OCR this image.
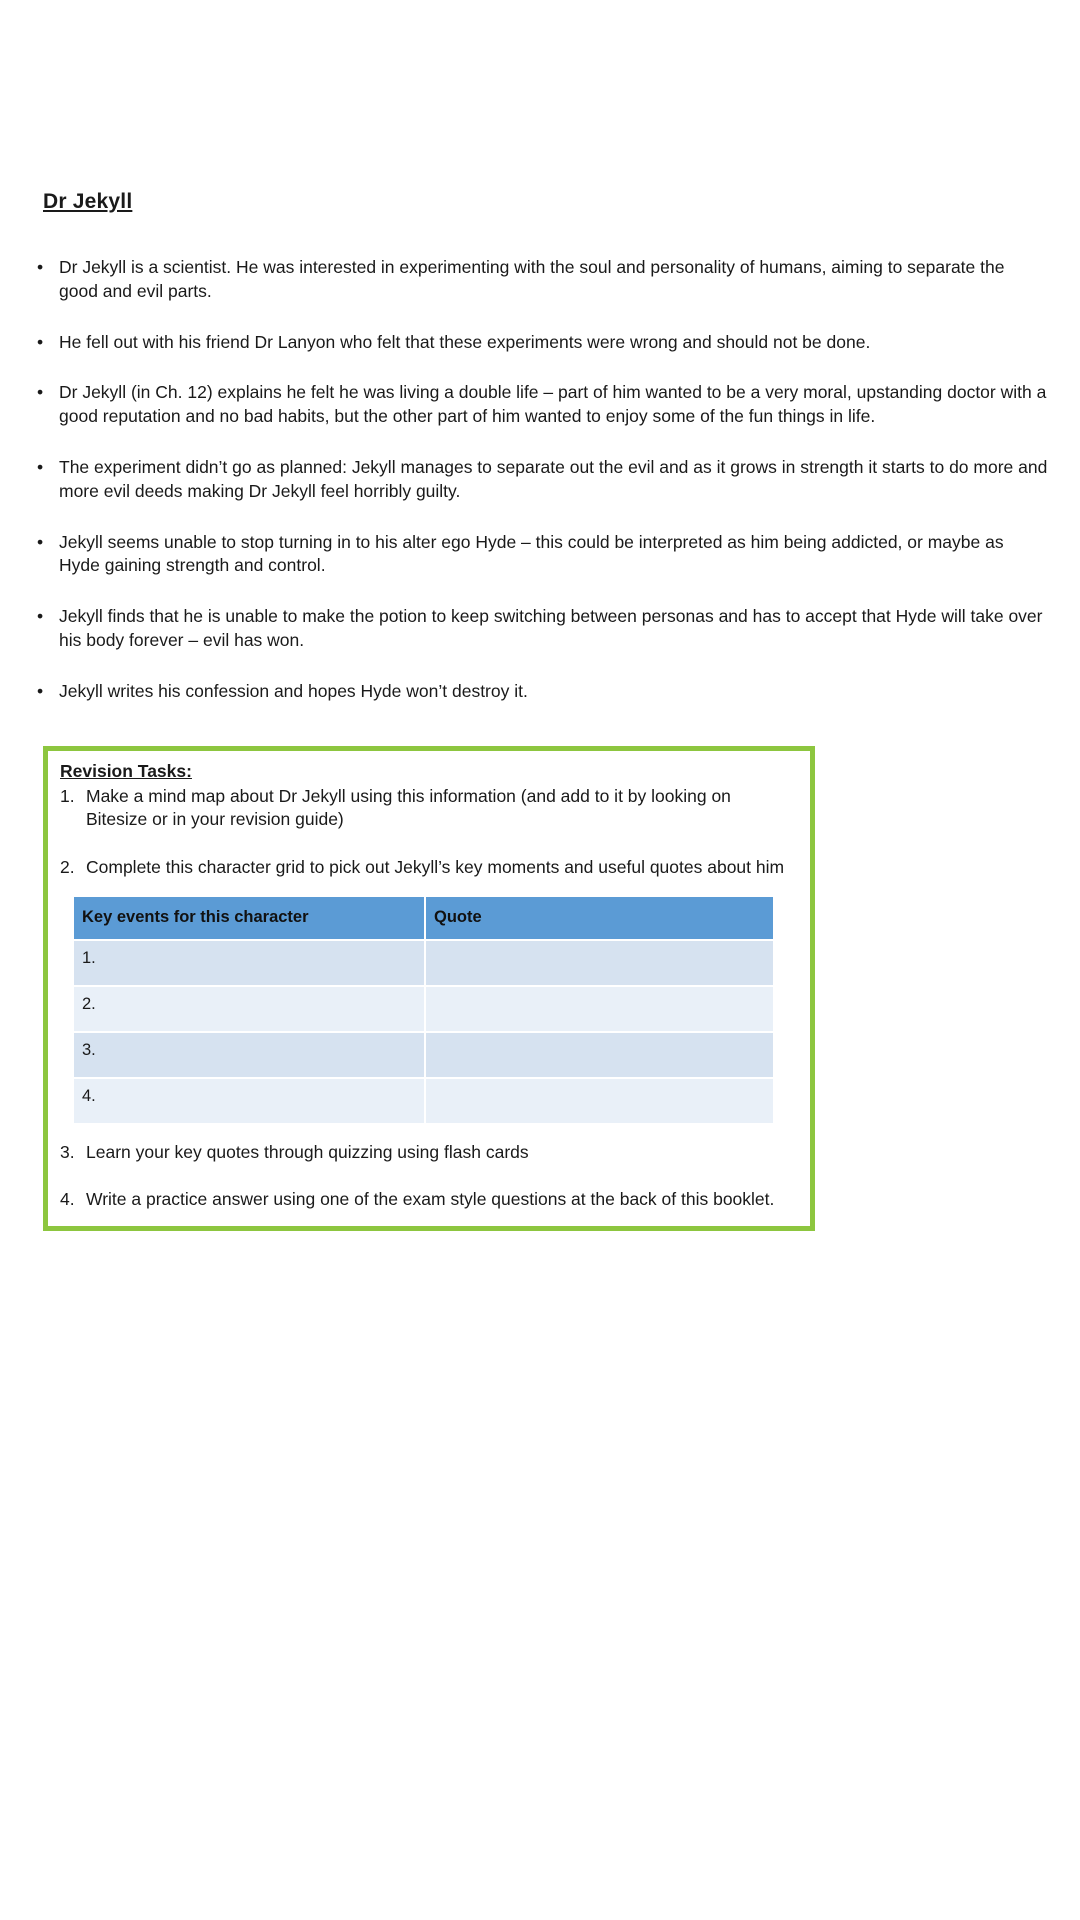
Dr Jekyll
• Dr Jekyll is a scientist. He was interested in experimenting with the soul and personality of humans, aiming to separate the good and evil parts.
• He fell out with his friend Dr Lanyon who felt that these experiments were wrong and should not be done.
• Dr Jekyll (in Ch. 12) explains he felt he was living a double life – part of him wanted to be a very moral, upstanding doctor with a good reputation and no bad habits, but the other part of him wanted to enjoy some of the fun things in life.
• The experiment didn’t go as planned: Jekyll manages to separate out the evil and as it grows in strength it starts to do more and more evil deeds making Dr Jekyll feel horribly guilty.
• Jekyll seems unable to stop turning in to his alter ego Hyde – this could be interpreted as him being addicted, or maybe as Hyde gaining strength and control.
• Jekyll finds that he is unable to make the potion to keep switching between personas and has to accept that Hyde will take over his body forever – evil has won.
• Jekyll writes his confession and hopes Hyde won’t destroy it.
Revision Tasks:
1. Make a mind map about Dr Jekyll using this information (and add to it by looking on Bitesize or in your revision guide)
2. Complete this character grid to pick out Jekyll’s key moments and useful quotes about him
Key events for this character	Quote
1.	
2.	
3.	
4.	
3. Learn your key quotes through quizzing using flash cards
4. Write a practice answer using one of the exam style questions at the back of this booklet.
